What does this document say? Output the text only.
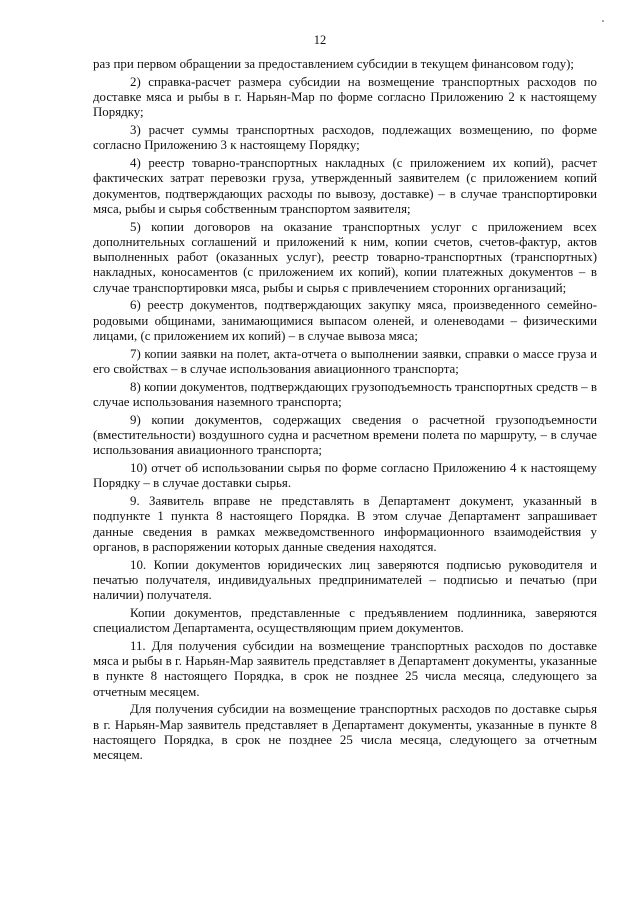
12

раз при первом обращении за предоставлением субсидии в текущем финансовом году);

2) справка-расчет размера субсидии на возмещение транспортных расходов по доставке мяса и рыбы в г. Нарьян-Мар по форме согласно Приложению 2 к настоящему Порядку;

3) расчет суммы транспортных расходов, подлежащих возмещению, по форме согласно Приложению 3 к настоящему Порядку;

4) реестр товарно-транспортных накладных (с приложением их копий), расчет фактических затрат перевозки груза, утвержденный заявителем (с приложением копий документов, подтверждающих расходы по вывозу, доставке) – в случае транспортировки мяса, рыбы и сырья собственным транспортом заявителя;

5) копии договоров на оказание транспортных услуг с приложением всех дополнительных соглашений и приложений к ним, копии счетов, счетов-фактур, актов выполненных работ (оказанных услуг), реестр товарно-транспортных (транспортных) накладных, коносаментов (с приложением их копий), копии платежных документов – в случае транспортировки мяса, рыбы и сырья с привлечением сторонних организаций;

6) реестр документов, подтверждающих закупку мяса, произведенного семейно-родовыми общинами, занимающимися выпасом оленей, и оленеводами – физическими лицами, (с приложением их копий) – в случае вывоза мяса;

7) копии заявки на полет, акта-отчета о выполнении заявки, справки о массе груза и его свойствах – в случае использования авиационного транспорта;

8) копии документов, подтверждающих грузоподъемность транспортных средств – в случае использования наземного транспорта;

9) копии документов, содержащих сведения о расчетной грузоподъемности (вместительности) воздушного судна и расчетном времени полета по маршруту, – в случае использования авиационного транспорта;

10) отчет об использовании сырья по форме согласно Приложению 4 к настоящему Порядку – в случае доставки сырья.

9. Заявитель вправе не представлять в Департамент документ, указанный в подпункте 1 пункта 8 настоящего Порядка. В этом случае Департамент запрашивает данные сведения в рамках межведомственного информационного взаимодействия у органов, в распоряжении которых данные сведения находятся.

10. Копии документов юридических лиц заверяются подписью руководителя и печатью получателя, индивидуальных предпринимателей – подписью и печатью (при наличии) получателя.

Копии документов, представленные с предъявлением подлинника, заверяются специалистом Департамента, осуществляющим прием документов.

11. Для получения субсидии на возмещение транспортных расходов по доставке мяса и рыбы в г. Нарьян-Мар заявитель представляет в Департамент документы, указанные в пункте 8 настоящего Порядка, в срок не позднее 25 числа месяца, следующего за отчетным месяцем.

Для получения субсидии на возмещение транспортных расходов по доставке сырья в г. Нарьян-Мар заявитель представляет в Департамент документы, указанные в пункте 8 настоящего Порядка, в срок не позднее 25 числа месяца, следующего за отчетным месяцем.
